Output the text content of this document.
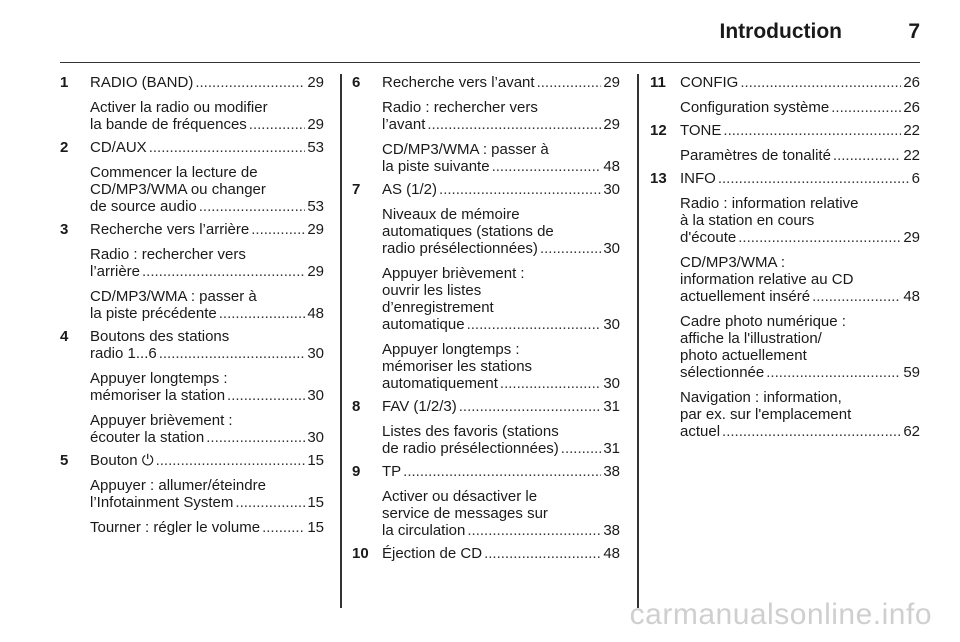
Introduction	7
1 RADIO (BAND) .....	29
Activer la radio ou modifier
la bande de fréquences .....	29
2 CD/AUX .....	53
Commencer la lecture de
CD/MP3/WMA ou changer
de source audio .....	53
3 Recherche vers l’arrière .....	29
Radio : rechercher vers
l’arrière .....	29
CD/MP3/WMA : passer à
la piste précédente .....	48
4 Boutons des stations
radio 1...6 .....	30
Appuyer longtemps :
mémoriser la station .....	30
Appuyer brièvement :
écouter la station .....	30
5 Bouton ⏻ .....	15
Appuyer : allumer/éteindre
l’Infotainment System .....	15
Tourner : régler le volume .....	15
6 Recherche vers l’avant .....	29
Radio : rechercher vers
l’avant .....	29
CD/MP3/WMA : passer à
la piste suivante .....	48
7 AS (1/2) .....	30
Niveaux de mémoire
automatiques (stations de
radio présélectionnées) .....	30
Appuyer brièvement :
ouvrir les listes
d’enregistrement
automatique .....	30
Appuyer longtemps :
mémoriser les stations
automatiquement .....	30
8 FAV (1/2/3) .....	31
Listes des favoris (stations
de radio présélectionnées) .....	31
9 TP .....	38
Activer ou désactiver le
service de messages sur
la circulation .....	38
10 Éjection de CD .....	48
11 CONFIG .....	26
Configuration système .....	26
12 TONE .....	22
Paramètres de tonalité .....	22
13 INFO .....	6
Radio : information relative
à la station en cours
d'écoute .....	29
CD/MP3/WMA :
information relative au CD
actuellement inséré .....	48
Cadre photo numérique :
affiche la l'illustration/
photo actuellement
sélectionnée .....	59
Navigation : information,
par ex. sur l'emplacement
actuel .....	62
carmanualsonline.info
